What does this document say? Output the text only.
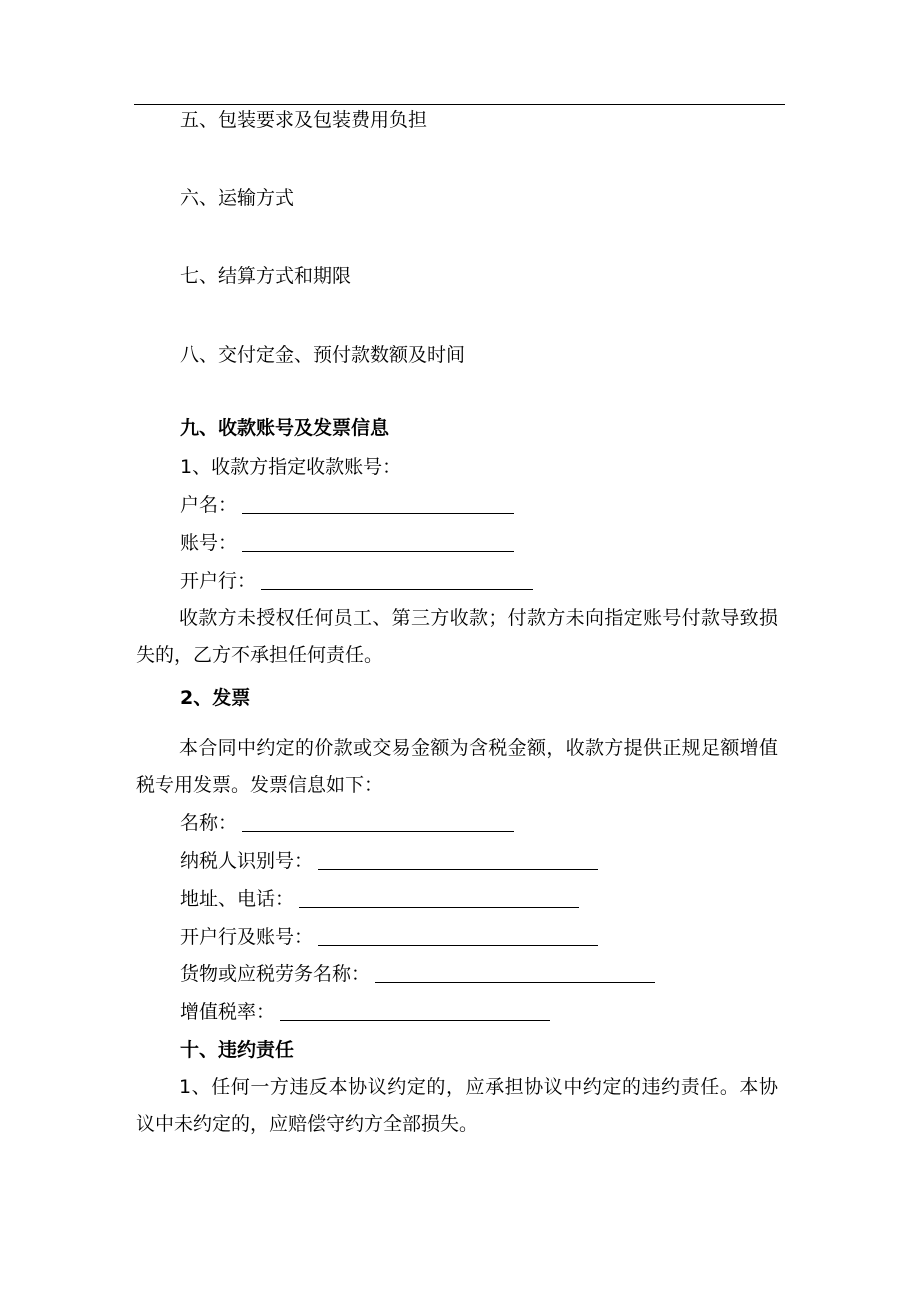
五、包装要求及包装费用负担
六、运输方式
七、结算方式和期限
八、交付定金、预付款数额及时间
九、收款账号及发票信息
1、收款方指定收款账号：
户名：
账号：
开户行：
收款方未授权任何员工、第三方收款；付款方未向指定账号付款导致损失的，乙方不承担任何责任。
2、发票
本合同中约定的价款或交易金额为含税金额，收款方提供正规足额增值税专用发票。发票信息如下：
名称：
纳税人识别号：
地址、电话：
开户行及账号：
货物或应税劳务名称：
增值税率：
十、违约责任
1、任何一方违反本协议约定的，应承担协议中约定的违约责任。本协议中未约定的，应赔偿守约方全部损失。
